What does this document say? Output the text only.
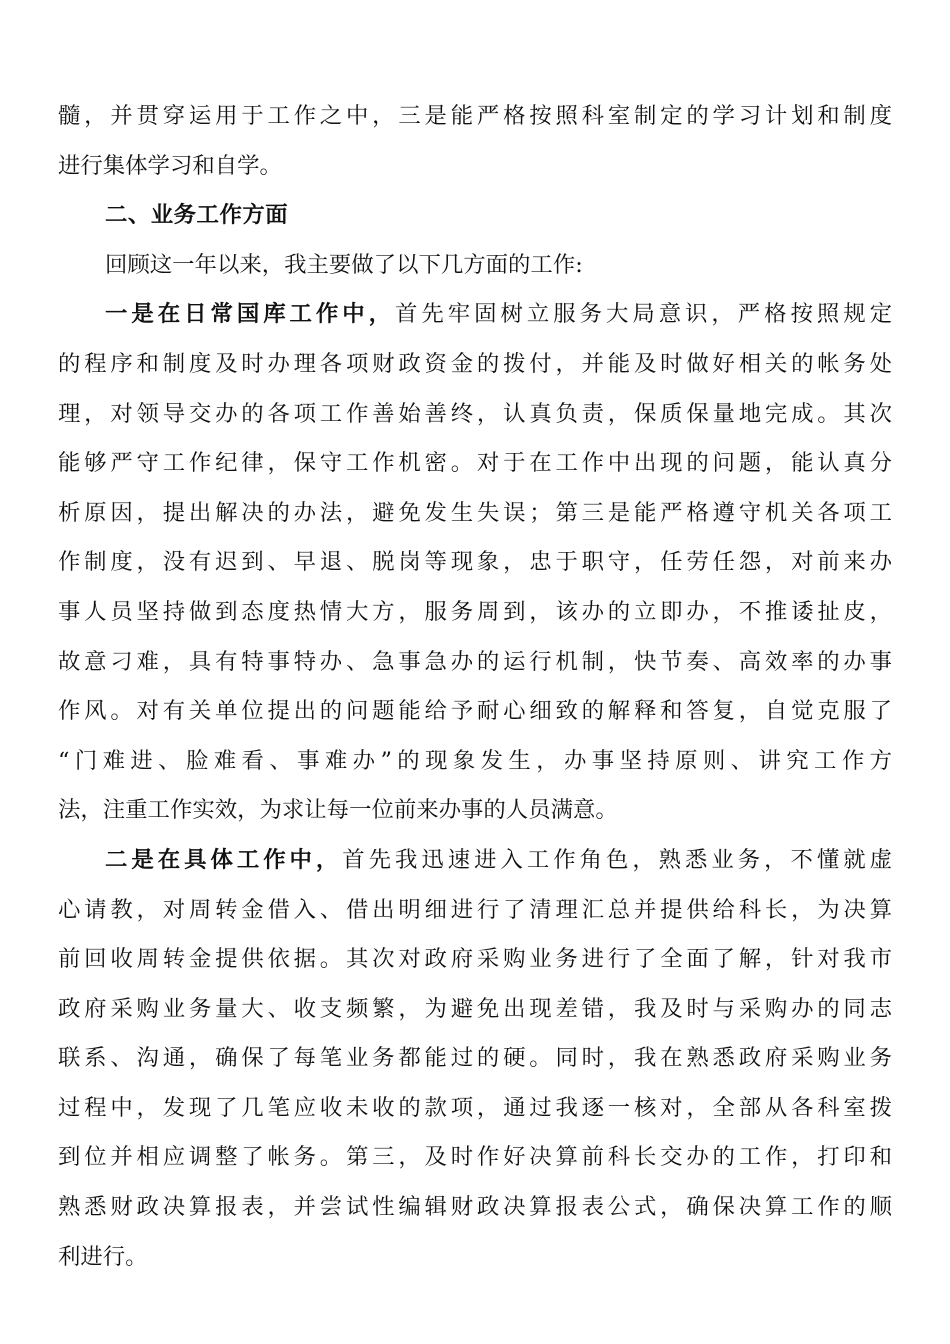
髓，并贯穿运用于工作之中，三是能严格按照科室制定的学习计划和制度
进行集体学习和自学。
二、业务工作方面
回顾这一年以来，我主要做了以下几方面的工作:
一是在日常国库工作中，首先牢固树立服务大局意识，严格按照规定
的程序和制度及时办理各项财政资金的拨付，并能及时做好相关的帐务处
理，对领导交办的各项工作善始善终，认真负责，保质保量地完成。其次
能够严守工作纪律，保守工作机密。对于在工作中出现的问题，能认真分
析原因，提出解决的办法，避免发生失误；第三是能严格遵守机关各项工
作制度，没有迟到、早退、脱岗等现象，忠于职守，任劳任怨，对前来办
事人员坚持做到态度热情大方，服务周到，该办的立即办，不推诿扯皮，
故意刁难，具有特事特办、急事急办的运行机制，快节奏、高效率的办事
作风。对有关单位提出的问题能给予耐心细致的解释和答复，自觉克服了
“门难进、脸难看、事难办”的现象发生，办事坚持原则、讲究工作方
法，注重工作实效，为求让每一位前来办事的人员满意。
二是在具体工作中，首先我迅速进入工作角色，熟悉业务，不懂就虚
心请教，对周转金借入、借出明细进行了清理汇总并提供给科长，为决算
前回收周转金提供依据。其次对政府采购业务进行了全面了解，针对我市
政府采购业务量大、收支频繁，为避免出现差错，我及时与采购办的同志
联系、沟通，确保了每笔业务都能过的硬。同时，我在熟悉政府采购业务
过程中，发现了几笔应收未收的款项，通过我逐一核对，全部从各科室拨
到位并相应调整了帐务。第三，及时作好决算前科长交办的工作，打印和
熟悉财政决算报表，并尝试性编辑财政决算报表公式，确保决算工作的顺
利进行。
